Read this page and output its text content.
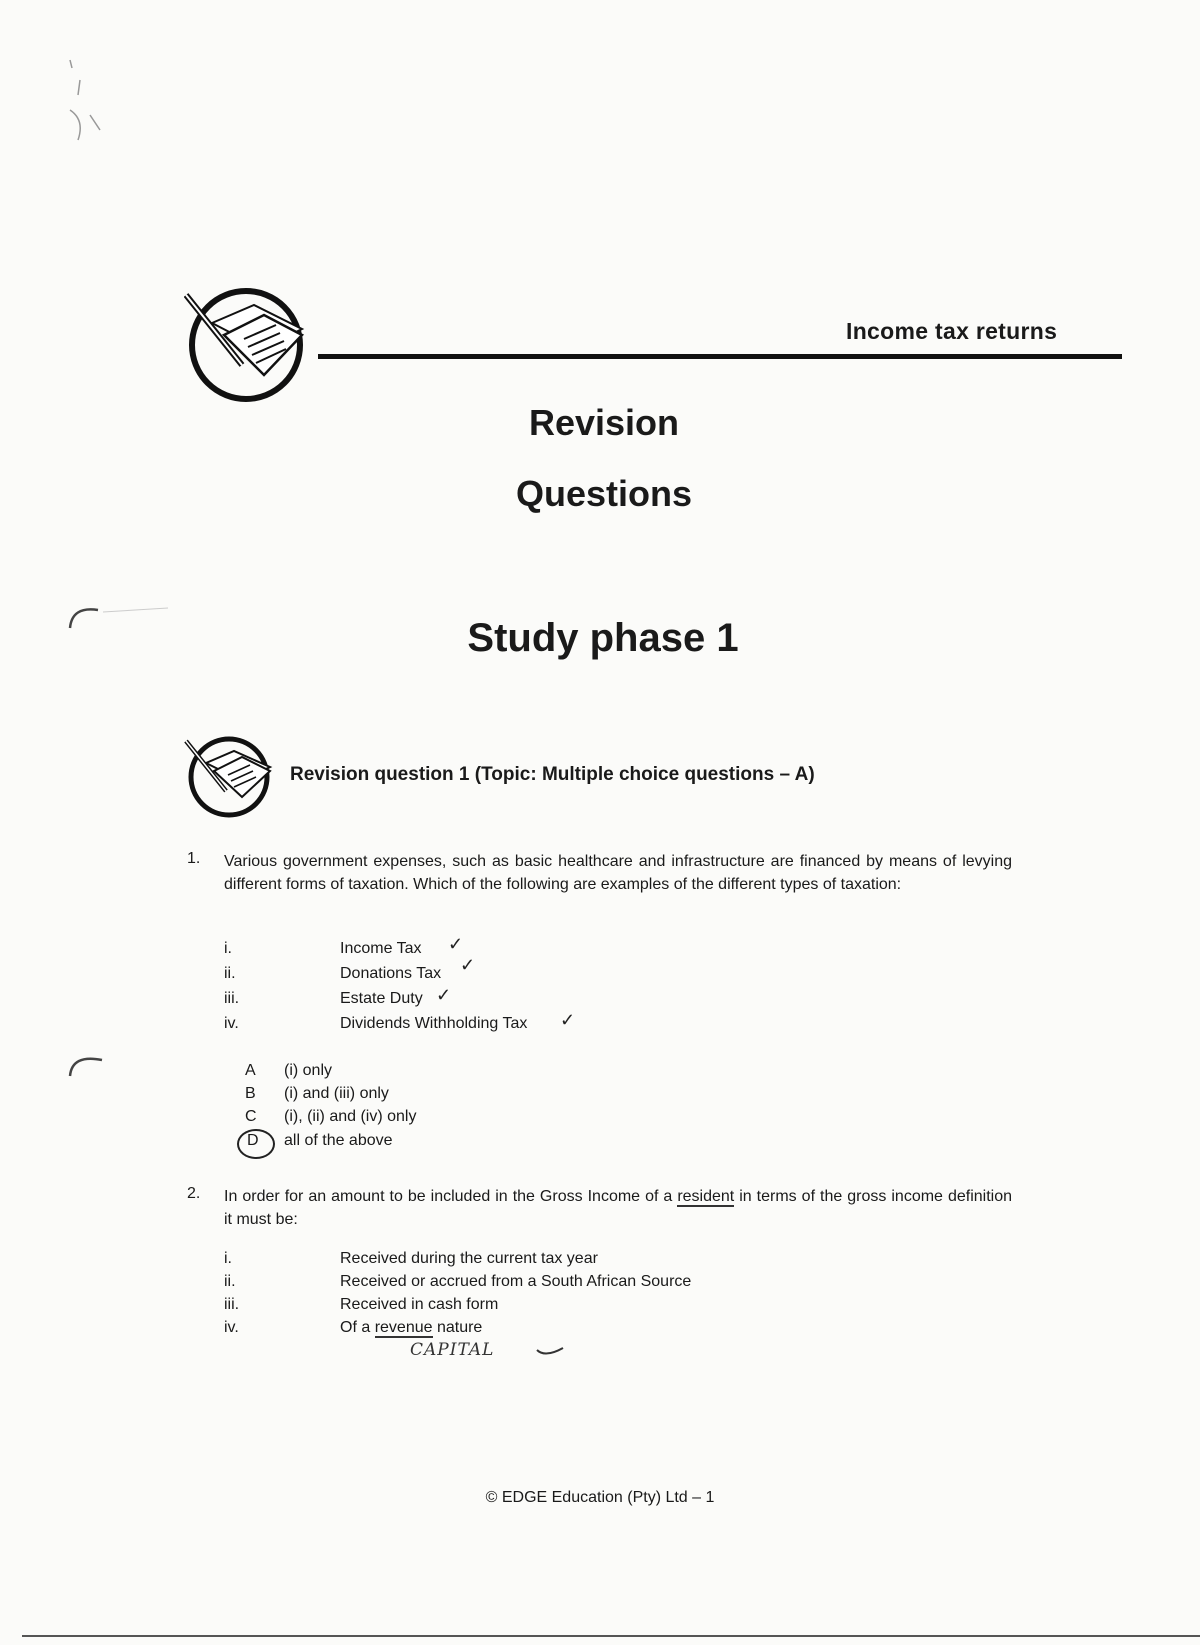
Income tax returns
Revision
Questions
Study phase 1
Revision question 1 (Topic: Multiple choice questions – A)
1. Various government expenses, such as basic healthcare and infrastructure are financed by means of levying different forms of taxation. Which of the following are examples of the different types of taxation:
i.	Income Tax ✓
ii.	Donations Tax ✓
iii.	Estate Duty ✓
iv.	Dividends Withholding Tax ✓
A (i) only
B (i) and (iii) only
C (i), (ii) and (iv) only
D all of the above
2. In order for an amount to be included in the Gross Income of a resident in terms of the gross income definition it must be:
i.	Received during the current tax year
ii.	Received or accrued from a South African Source
iii.	Received in cash form
iv.	Of a revenue nature
CAPITAL
© EDGE Education (Pty) Ltd – 1
